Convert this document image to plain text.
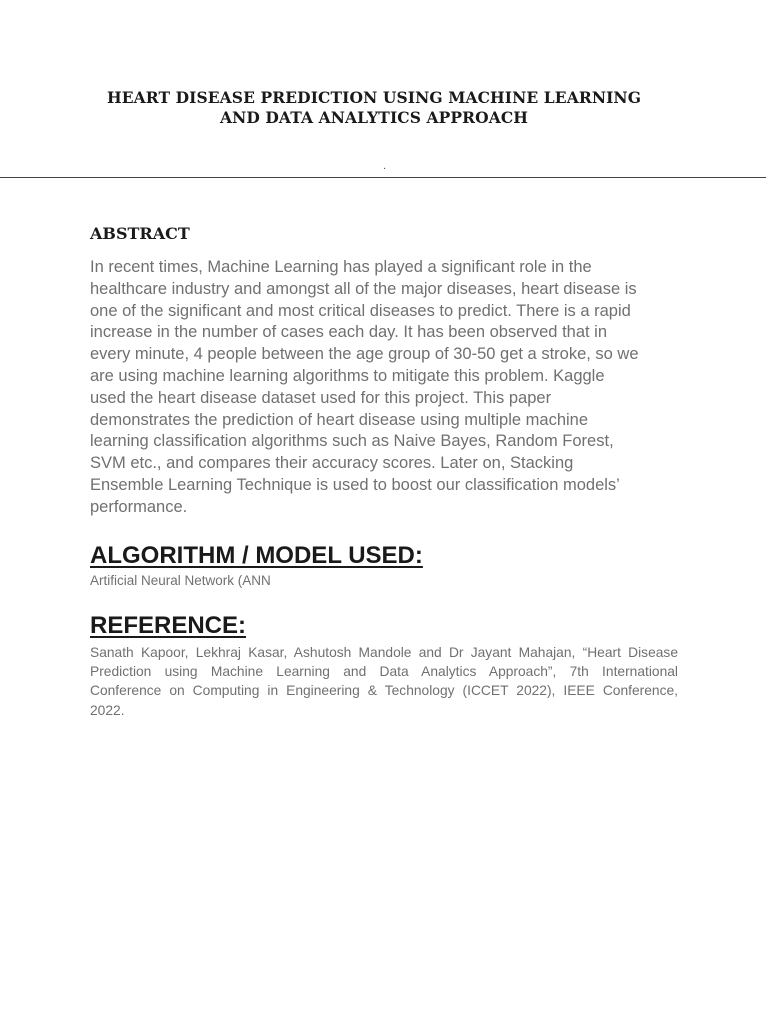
HEART DISEASE PREDICTION USING MACHINE LEARNING
AND DATA ANALYTICS APPROACH
.
ABSTRACT
In recent times, Machine Learning has played a significant role in the
healthcare industry and amongst all of the major diseases, heart disease is
one of the significant and most critical diseases to predict. There is a rapid
increase in the number of cases each day. It has been observed that in
every minute, 4 people between the age group of 30-50 get a stroke, so we
are using machine learning algorithms to mitigate this problem. Kaggle
used the heart disease dataset used for this project. This paper
demonstrates the prediction of heart disease using multiple machine
learning classification algorithms such as Naive Bayes, Random Forest,
SVM etc., and compares their accuracy scores. Later on, Stacking
Ensemble Learning Technique is used to boost our classification models’
performance.
ALGORITHM / MODEL USED:

Artificial Neural Network (ANN

REFERENCE:
Sanath Kapoor, Lekhraj Kasar, Ashutosh Mandole and Dr Jayant Mahajan, “Heart Disease
Prediction using Machine Learning and Data Analytics Approach”, 7th International
Conference on Computing in Engineering & Technology (ICCET 2022), IEEE Conference,
2022.
